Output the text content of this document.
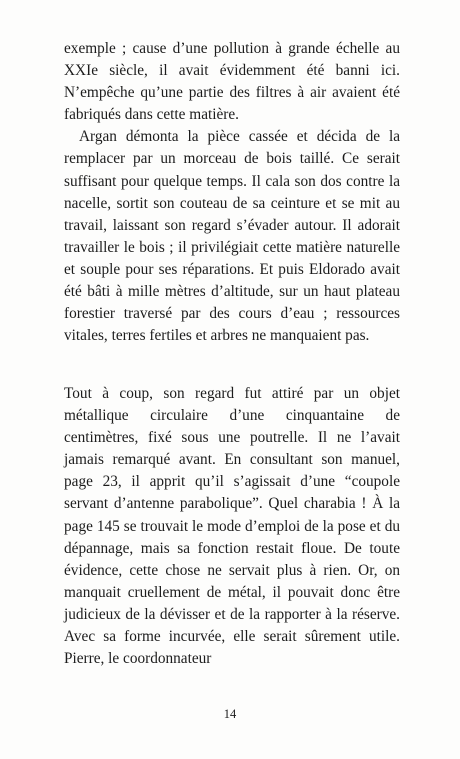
exemple ; cause d’une pollution à grande échelle au XXIe siècle, il avait évidemment été banni ici. N’empêche qu’une partie des filtres à air avaient été fabriqués dans cette matière.

Argan démonta la pièce cassée et décida de la remplacer par un morceau de bois taillé. Ce serait suffisant pour quelque temps. Il cala son dos contre la nacelle, sortit son couteau de sa ceinture et se mit au travail, laissant son regard s’évader autour. Il adorait travailler le bois ; il privilégiait cette matière naturelle et souple pour ses réparations. Et puis Eldorado avait été bâti à mille mètres d’altitude, sur un haut plateau forestier traversé par des cours d’eau ; ressources vitales, terres fertiles et arbres ne manquaient pas.

Tout à coup, son regard fut attiré par un objet métallique circulaire d’une cinquantaine de centimètres, fixé sous une poutrelle. Il ne l’avait jamais remarqué avant. En consultant son manuel, page 23, il apprit qu’il s’agissait d’une “coupole servant d’antenne parabolique”. Quel charabia ! À la page 145 se trouvait le mode d’emploi de la pose et du dépannage, mais sa fonction restait floue. De toute évidence, cette chose ne servait plus à rien. Or, on manquait cruellement de métal, il pouvait donc être judicieux de la dévisser et de la rapporter à la réserve. Avec sa forme incurvée, elle serait sûrement utile. Pierre, le coordonnateur

14
